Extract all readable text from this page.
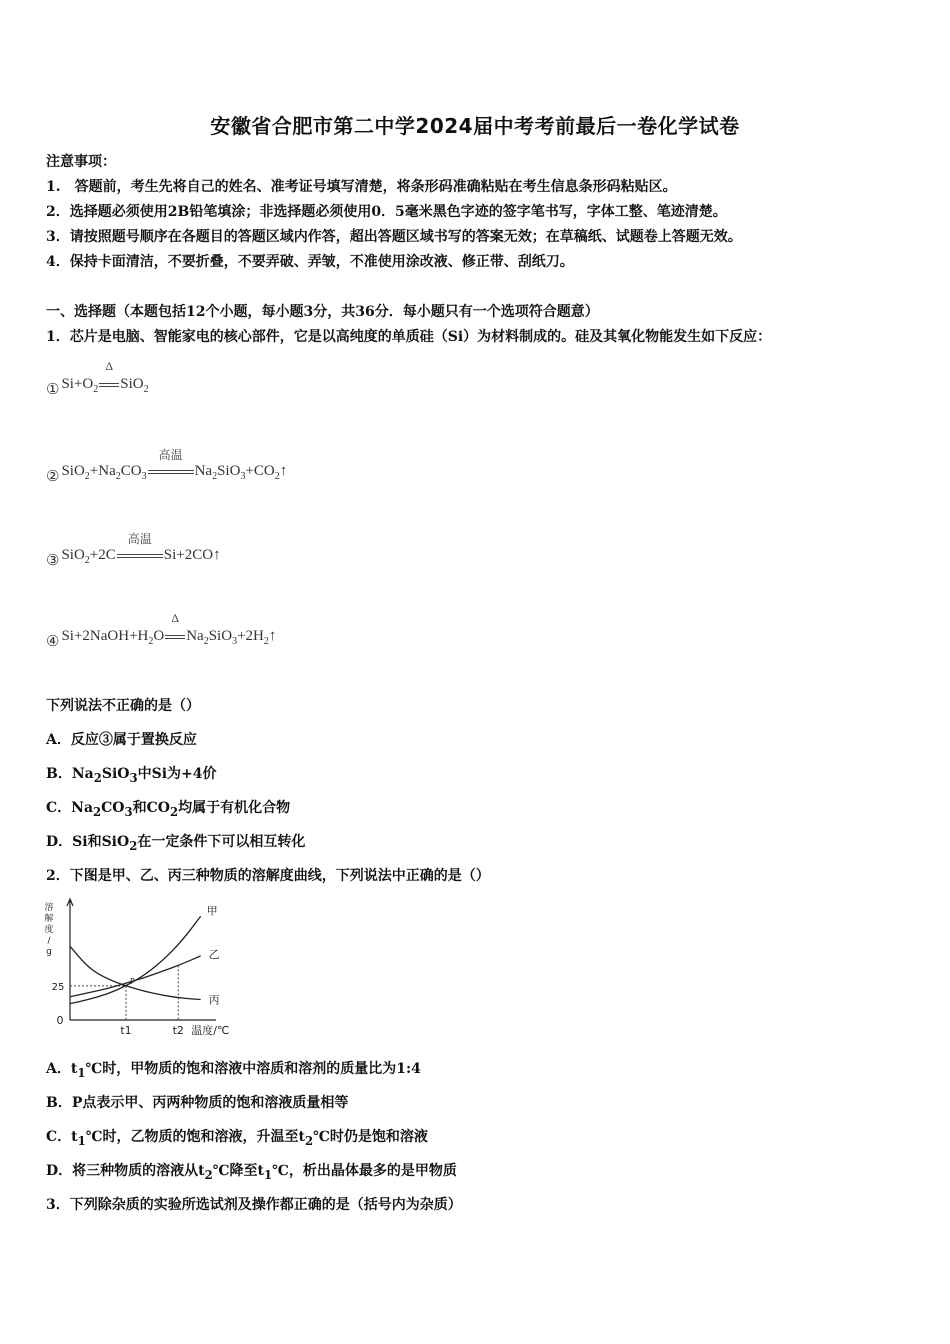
安徽省合肥市第二中学2024届中考考前最后一卷化学试卷
注意事项：
1.　答题前，考生先将自己的姓名、准考证号填写清楚，将条形码准确粘贴在考生信息条形码粘贴区。
2．选择题必须使用2B铅笔填涂；非选择题必须使用0．5毫米黑色字迹的签字笔书写，字体工整、笔迹清楚。
3．请按照题号顺序在各题目的答题区域内作答，超出答题区域书写的答案无效；在草稿纸、试题卷上答题无效。
4．保持卡面清洁，不要折叠，不要弄破、弄皱，不准使用涂改液、修正带、刮纸刀。
一、选择题（本题包括12个小题，每小题3分，共36分．每小题只有一个选项符合题意）
1．芯片是电脑、智能家电的核心部件，它是以高纯度的单质硅（Si）为材料制成的。硅及其氧化物能发生如下反应：
① $Si+O_2$
Δ
SiO$_2$
② $SiO_2+Na_2CO_3$
高温
$Na_2SiO_3+CO_2↑$
③ SiO$_2$+2C
高温
Si+2CO↑
④ $Si+2NaOH+H_2O$
Δ
$Na_2SiO_3+2H_2↑$
下列说法不正确的是（）
A．反应③属于置换反应
B．$Na_2SiO_3$中Si为+4价
C．$Na_2CO_3$和$CO_2$均属于有机化合物
D．Si和SiO$_2$在一定条件下可以相互转化
2．下图是甲、乙、丙三种物质的溶解度曲线，下列说法中正确的是（）
溶
解
度
/
g
0
25
t1	t2 温度/℃
甲
乙
丙
P
A．$t_1℃$时，甲物质的饱和溶液中溶质和溶剂的质量比为1:4
B．P点表示甲、丙两种物质的饱和溶液质量相等
C．$t_1℃$时，乙物质的饱和溶液，升温至$t_2℃$时仍是饱和溶液
D．将三种物质的溶液从$t_2℃$降至$t_1℃$，析出晶体最多的是甲物质
3．下列除杂质的实验所选试剂及操作都正确的是（括号内为杂质）
